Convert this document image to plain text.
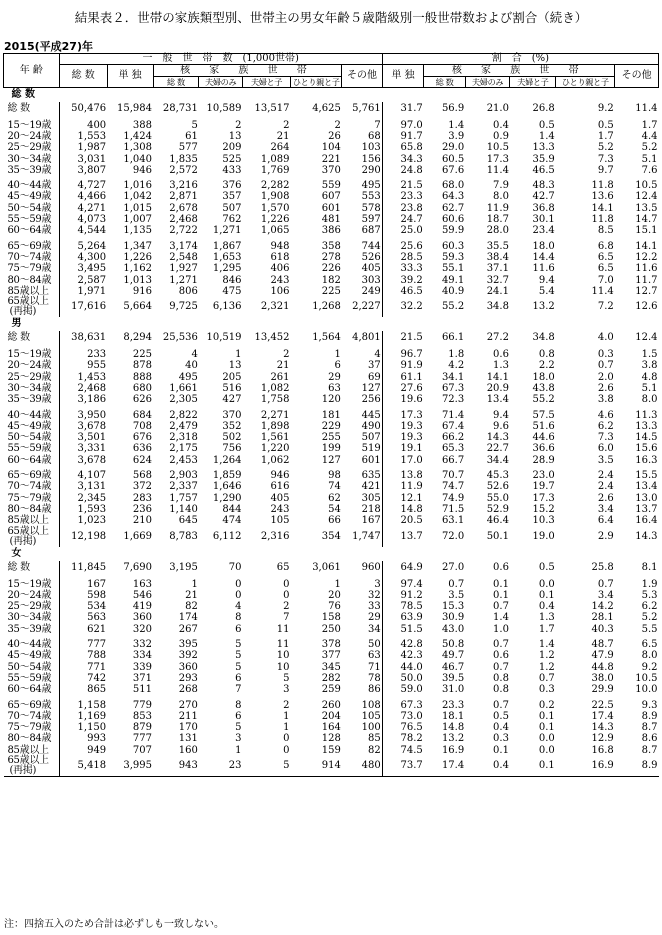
結果表２．世帯の家族類型別、世帯主の男女年齢５歳階級別一般世帯数および割合（続き）
2015(平成27)年
年 齢	一　般　世　帯　数　(1,000世帯)							割　合　(%)					
	総 数	単 独	核 家 族 世 帯				その他	単 独	核 家 族 世 帯				その他
			総 数	夫婦のみ	夫婦と子	ひとり親と子			総 数	夫婦のみ	夫婦と子	ひとり親と子	
総 数													

総 数	50,476	15,984	28,731	10,589	13,517	4,625	5,761	31.7	56.9	21.0	26.8	9.2	11.4

15～19歳	400	388	5	2	2	2	7	97.0	1.4	0.4	0.5	0.5	1.7

20～24歳	1,553	1,424	61	13	21	26	68	91.7	3.9	0.9	1.4	1.7	4.4

25～29歳	1,987	1,308	577	209	264	104	103	65.8	29.0	10.5	13.3	5.2	5.2

30～34歳	3,031	1,040	1,835	525	1,089	221	156	34.3	60.5	17.3	35.9	7.3	5.1

35～39歳	3,807	946	2,572	433	1,769	370	290	24.8	67.6	11.4	46.5	9.7	7.6

40～44歳	4,727	1,016	3,216	376	2,282	559	495	21.5	68.0	7.9	48.3	11.8	10.5

45～49歳	4,466	1,042	2,871	357	1,908	607	553	23.3	64.3	8.0	42.7	13.6	12.4

50～54歳	4,271	1,015	2,678	507	1,570	601	578	23.8	62.7	11.9	36.8	14.1	13.5

55～59歳	4,073	1,007	2,468	762	1,226	481	597	24.7	60.6	18.7	30.1	11.8	14.7

60～64歳	4,544	1,135	2,722	1,271	1,065	386	687	25.0	59.9	28.0	23.4	8.5	15.1

65～69歳	5,264	1,347	3,174	1,867	948	358	744	25.6	60.3	35.5	18.0	6.8	14.1

70～74歳	4,300	1,226	2,548	1,653	618	278	526	28.5	59.3	38.4	14.4	6.5	12.2

75～79歳	3,495	1,162	1,927	1,295	406	226	405	33.3	55.1	37.1	11.6	6.5	11.6

80～84歳	2,587	1,013	1,271	846	243	182	303	39.2	49.1	32.7	9.4	7.0	11.7

85歳以上	1,971	916	806	475	106	225	249	46.5	40.9	24.1	5.4	11.4	12.7

65歳以上
(再掲)	17,616	5,664	9,725	6,136	2,321	1,268	2,227	32.2	55.2	34.8	13.2	7.2	12.6
男													

総 数	38,631	8,294	25,536	10,519	13,452	1,564	4,801	21.5	66.1	27.2	34.8	4.0	12.4

15～19歳	233	225	4	1	2	1	4	96.7	1.8	0.6	0.8	0.3	1.5

20～24歳	955	878	40	13	21	6	37	91.9	4.2	1.3	2.2	0.7	3.8

25～29歳	1,453	888	495	205	261	29	69	61.1	34.1	14.1	18.0	2.0	4.8

30～34歳	2,468	680	1,661	516	1,082	63	127	27.6	67.3	20.9	43.8	2.6	5.1

35～39歳	3,186	626	2,305	427	1,758	120	256	19.6	72.3	13.4	55.2	3.8	8.0

40～44歳	3,950	684	2,822	370	2,271	181	445	17.3	71.4	9.4	57.5	4.6	11.3

45～49歳	3,678	708	2,479	352	1,898	229	490	19.3	67.4	9.6	51.6	6.2	13.3

50～54歳	3,501	676	2,318	502	1,561	255	507	19.3	66.2	14.3	44.6	7.3	14.5

55～59歳	3,331	636	2,175	756	1,220	199	519	19.1	65.3	22.7	36.6	6.0	15.6

60～64歳	3,678	624	2,453	1,264	1,062	127	601	17.0	66.7	34.4	28.9	3.5	16.3

65～69歳	4,107	568	2,903	1,859	946	98	635	13.8	70.7	45.3	23.0	2.4	15.5

70～74歳	3,131	372	2,337	1,646	616	74	421	11.9	74.7	52.6	19.7	2.4	13.4

75～79歳	2,345	283	1,757	1,290	405	62	305	12.1	74.9	55.0	17.3	2.6	13.0

80～84歳	1,593	236	1,140	844	243	54	218	14.8	71.5	52.9	15.2	3.4	13.7

85歳以上	1,023	210	645	474	105	66	167	20.5	63.1	46.4	10.3	6.4	16.4

65歳以上
(再掲)	12,198	1,669	8,783	6,112	2,316	354	1,747	13.7	72.0	50.1	19.0	2.9	14.3
女													

総 数	11,845	7,690	3,195	70	65	3,061	960	64.9	27.0	0.6	0.5	25.8	8.1

15～19歳	167	163	1	0	0	1	3	97.4	0.7	0.1	0.0	0.7	1.9

20～24歳	598	546	21	0	0	20	32	91.2	3.5	0.1	0.1	3.4	5.3

25～29歳	534	419	82	4	2	76	33	78.5	15.3	0.7	0.4	14.2	6.2

30～34歳	563	360	174	8	7	158	29	63.9	30.9	1.4	1.3	28.1	5.2

35～39歳	621	320	267	6	11	250	34	51.5	43.0	1.0	1.7	40.3	5.5

40～44歳	777	332	395	5	11	378	50	42.8	50.8	0.7	1.4	48.7	6.5

45～49歳	788	334	392	5	10	377	63	42.3	49.7	0.6	1.2	47.9	8.0

50～54歳	771	339	360	5	10	345	71	44.0	46.7	0.7	1.2	44.8	9.2

55～59歳	742	371	293	6	5	282	78	50.0	39.5	0.8	0.7	38.0	10.5

60～64歳	865	511	268	7	3	259	86	59.0	31.0	0.8	0.3	29.9	10.0

65～69歳	1,158	779	270	8	2	260	108	67.3	23.3	0.7	0.2	22.5	9.3

70～74歳	1,169	853	211	6	1	204	105	73.0	18.1	0.5	0.1	17.4	8.9

75～79歳	1,150	879	170	5	1	164	100	76.5	14.8	0.4	0.1	14.3	8.7

80～84歳	993	777	131	3	0	128	85	78.2	13.2	0.3	0.0	12.9	8.6

85歳以上	949	707	160	1	0	159	82	74.5	16.9	0.1	0.0	16.8	8.7

65歳以上
(再掲)	5,418	3,995	943	23	5	914	480	73.7	17.4	0.4	0.1	16.9	8.9
注：四捨五入のため合計は必ずしも一致しない。
